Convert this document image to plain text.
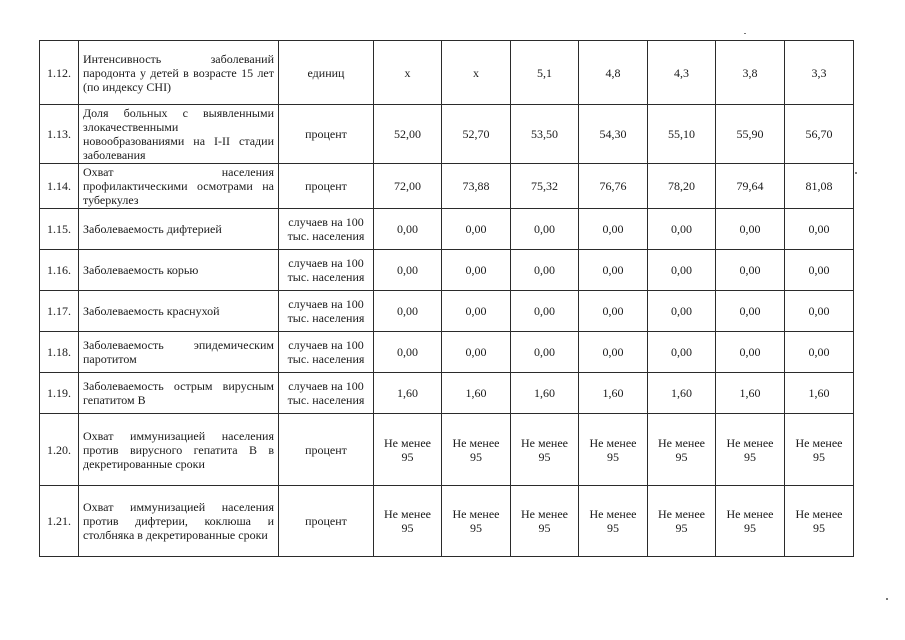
1.12.	Интенсивность заболеваний пародонта у детей в возрасте 15 лет (по индексу CHI)	единиц	х	х	5,1	4,8	4,3	3,8	3,3
1.13.	Доля больных с выявленными злокачественными новообразованиями на I-II стадии заболевания	процент	52,00	52,70	53,50	54,30	55,10	55,90	56,70
1.14.	Охват населения профилактическими осмотрами на туберкулез	процент	72,00	73,88	75,32	76,76	78,20	79,64	81,08
1.15.	Заболеваемость дифтерией	случаев на 100 тыс. населения	0,00	0,00	0,00	0,00	0,00	0,00	0,00
1.16.	Заболеваемость корью	случаев на 100 тыс. населения	0,00	0,00	0,00	0,00	0,00	0,00	0,00
1.17.	Заболеваемость краснухой	случаев на 100 тыс. населения	0,00	0,00	0,00	0,00	0,00	0,00	0,00
1.18.	Заболеваемость эпидемическим паротитом	случаев на 100 тыс. населения	0,00	0,00	0,00	0,00	0,00	0,00	0,00
1.19.	Заболеваемость острым вирусным гепатитом В	случаев на 100 тыс. населения	1,60	1,60	1,60	1,60	1,60	1,60	1,60
1.20.	Охват иммунизацией населения против вирусного гепатита В в декретированные сроки	процент	Не менее 95	Не менее 95	Не менее 95	Не менее 95	Не менее 95	Не менее 95	Не менее 95
1.21.	Охват иммунизацией населения против дифтерии, коклюша и столбняка в декретированные сроки	процент	Не менее 95	Не менее 95	Не менее 95	Не менее 95	Не менее 95	Не менее 95	Не менее 95
